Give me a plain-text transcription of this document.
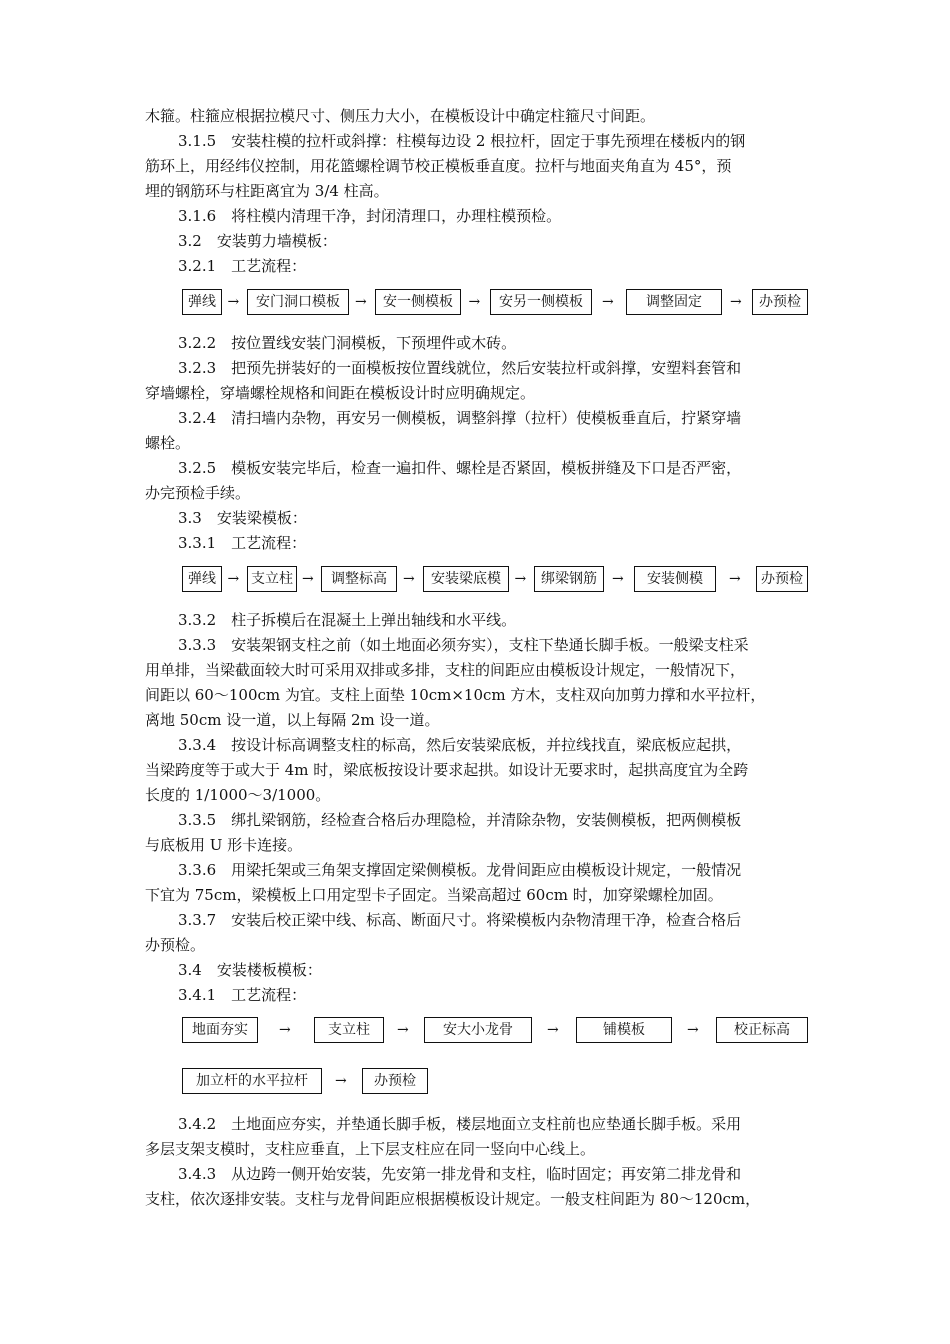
木箍。柱箍应根据拉模尺寸、侧压力大小，在模板设计中确定柱箍尺寸间距。
3.1.5　安装柱模的拉杆或斜撑：柱模每边设 2 根拉杆，固定于事先预埋在楼板内的钢
筋环上，用经纬仪控制，用花篮螺栓调节校正模板垂直度。拉杆与地面夹角直为 45°，预
埋的钢筋环与柱距离宜为 3/4 柱高。
3.1.6　将柱模内清理干净，封闭清理口，办理柱模预检。
3.2　安装剪力墙模板：
3.2.1　工艺流程：
3.2.2　按位置线安装门洞模板，下预埋件或木砖。
3.2.3　把预先拼装好的一面模板按位置线就位，然后安装拉杆或斜撑，安塑料套管和
穿墙螺栓，穿墙螺栓规格和间距在模板设计时应明确规定。
3.2.4　清扫墙内杂物，再安另一侧模板，调整斜撑（拉杆）使模板垂直后，拧紧穿墙
螺栓。
3.2.5　模板安装完毕后，检查一遍扣件、螺栓是否紧固，模板拼缝及下口是否严密，
办完预检手续。
3.3　安装梁模板：
3.3.1　工艺流程：
3.3.2　柱子拆模后在混凝土上弹出轴线和水平线。
3.3.3　安装架钢支柱之前（如土地面必须夯实），支柱下垫通长脚手板。一般梁支柱采
用单排，当梁截面较大时可采用双排或多排，支柱的间距应由模板设计规定，一般情况下，
间距以 60～100cm 为宜。支柱上面垫 10cm×10cm 方木，支柱双向加剪力撑和水平拉杆，
离地 50cm 设一道，以上每隔 2m 设一道。
3.3.4　按设计标高调整支柱的标高，然后安装梁底板，并拉线找直，梁底板应起拱，
当梁跨度等于或大于 4m 时，梁底板按设计要求起拱。如设计无要求时，起拱高度宜为全跨
长度的 1/1000～3/1000。
3.3.5　绑扎梁钢筋，经检查合格后办理隐检，并清除杂物，安装侧模板，把两侧模板
与底板用 U 形卡连接。
3.3.6　用梁托架或三角架支撑固定梁侧模板。龙骨间距应由模板设计规定，一般情况
下宜为 75cm，梁模板上口用定型卡子固定。当梁高超过 60cm 时，加穿梁螺栓加固。
3.3.7　安装后校正梁中线、标高、断面尺寸。将梁模板内杂物清理干净，检查合格后
办预检。
3.4　安装楼板模板：
3.4.1　工艺流程：
3.4.2　土地面应夯实，并垫通长脚手板，楼层地面立支柱前也应垫通长脚手板。采用
多层支架支模时，支柱应垂直，上下层支柱应在同一竖向中心线上。
3.4.3　从边跨一侧开始安装，先安第一排龙骨和支柱，临时固定；再安第二排龙骨和
支柱，依次逐排安装。支柱与龙骨间距应根据模板设计规定。一般支柱间距为 80～120cm，
弹线 →	安门洞口模板	→	安一侧模板	→	安另一侧模板	→	调整固定	→	办预检
弹线 → 支立柱 →	调整标高	→	安装梁底模 →	绑梁钢筋	→	安装侧模	→	办预检
地面夯实	→	支立柱	→	安大小龙骨	→	铺模板	→	校正标高
加立杆的水平拉杆	→	办预检
